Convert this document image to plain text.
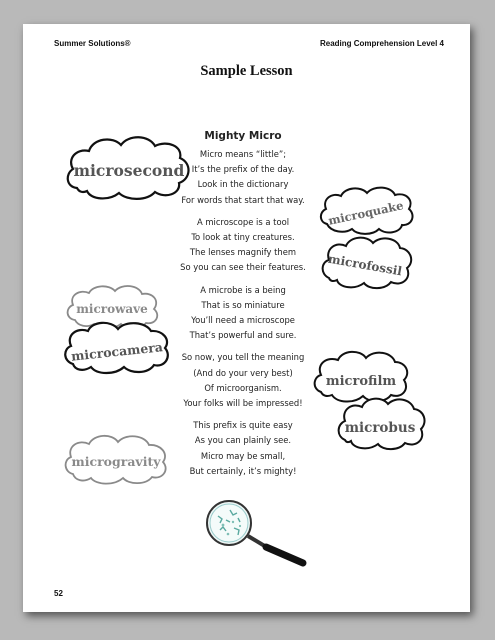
Summer Solutions®	Reading Comprehension Level 4
Sample Lesson
Mighty Micro
Micro means “little”;
It’s the prefix of the day.
Look in the dictionary
For words that start that way.
A microscope is a tool
To look at tiny creatures.
The lenses magnify them
So you can see their features.
A microbe is a being
That is so miniature
You’ll need a microscope
That’s powerful and sure.
So now, you tell the meaning
(And do your very best)
Of microorganism.
Your folks will be impressed!
This prefix is quite easy
As you can plainly see.
Micro may be small,
But certainly, it’s mighty!
microsecond
microquake
microfossil
microwave
microcamera
microfilm
microbus
microgravity
52
